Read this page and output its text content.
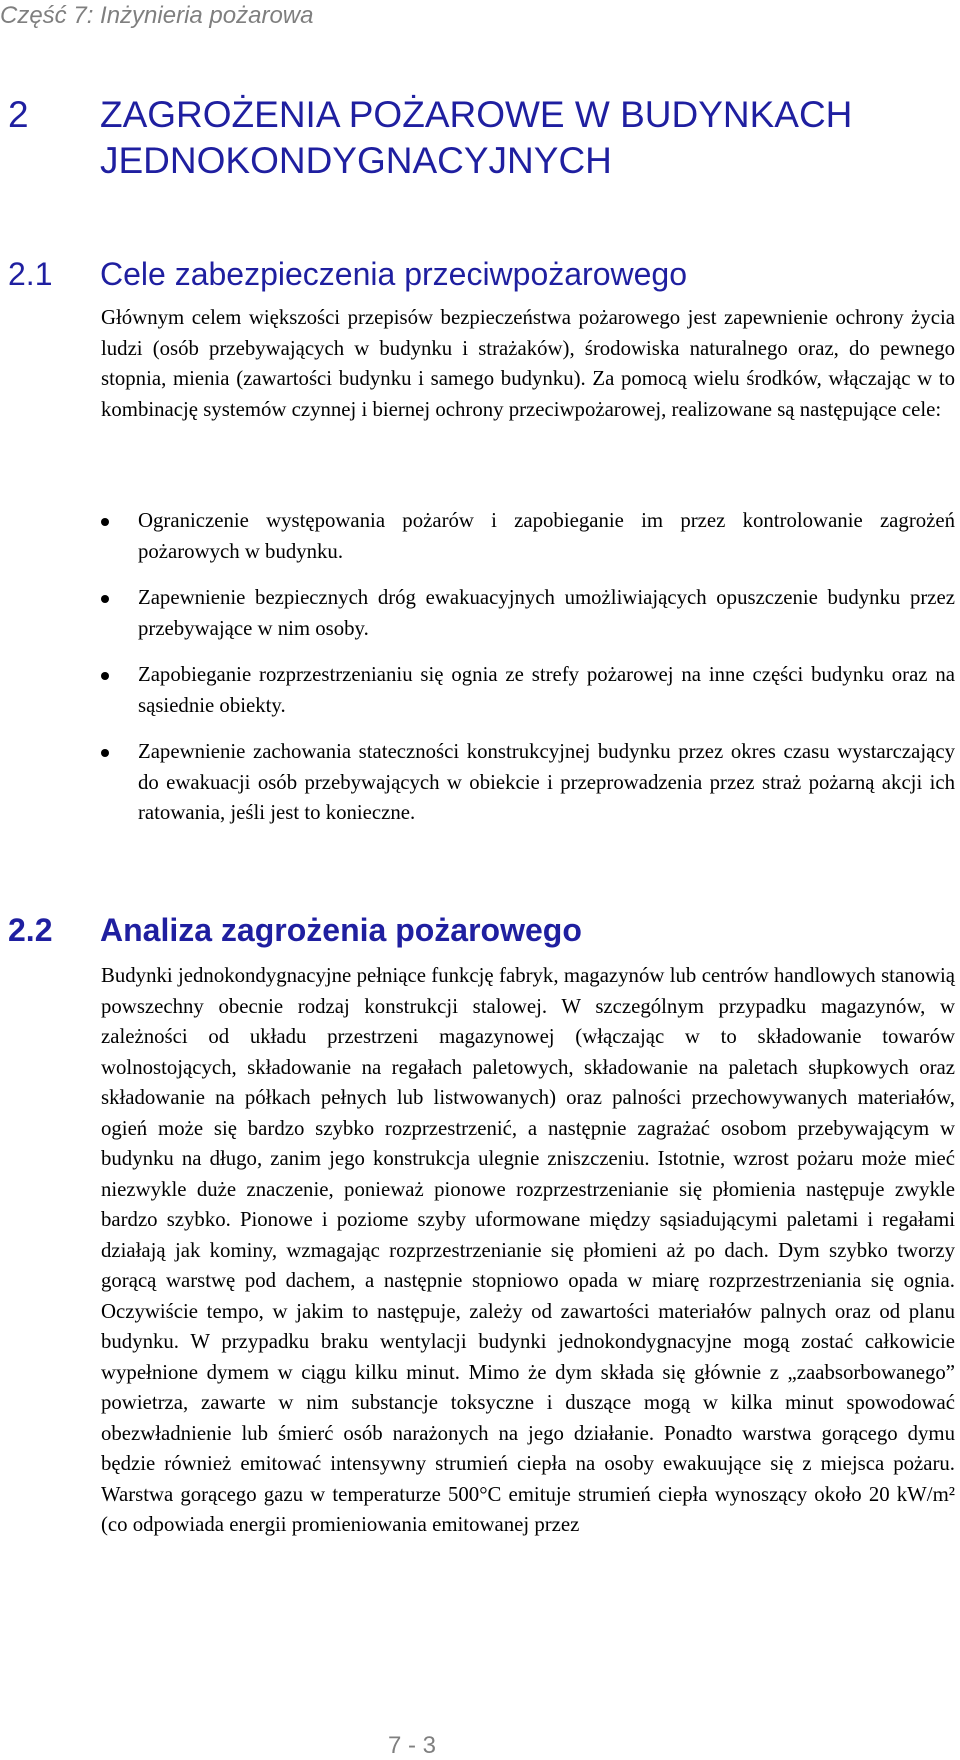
Część 7: Inżynieria pożarowa
2	ZAGROŻENIA POŻAROWE W BUDYNKACH
JEDNOKONDYGNACYJNYCH
2.1	Cele zabezpieczenia przeciwpożarowego

Głównym celem większości przepisów bezpieczeństwa pożarowego jest zapewnienie ochrony życia ludzi (osób przebywających w budynku i strażaków), środowiska naturalnego oraz, do pewnego stopnia, mienia (zawartości budynku i samego budynku). Za pomocą wielu środków, włączając w to kombinację systemów czynnej i biernej ochrony przeciwpożarowej, realizowane są następujące cele:

Ograniczenie występowania pożarów i zapobieganie im przez kontrolowanie zagrożeń pożarowych w budynku.
Zapewnienie bezpiecznych dróg ewakuacyjnych umożliwiających opuszczenie budynku przez przebywające w nim osoby.
Zapobieganie rozprzestrzenianiu się ognia ze strefy pożarowej na inne części budynku oraz na sąsiednie obiekty.
Zapewnienie zachowania stateczności konstrukcyjnej budynku przez okres czasu wystarczający do ewakuacji osób przebywających w obiekcie i przeprowadzenia przez straż pożarną akcji ich ratowania, jeśli jest to konieczne.
2.2	Analiza zagrożenia pożarowego

Budynki jednokondygnacyjne pełniące funkcję fabryk, magazynów lub centrów handlowych stanowią powszechny obecnie rodzaj konstrukcji stalowej. W szczególnym przypadku magazynów, w zależności od układu przestrzeni magazynowej (włączając w to składowanie towarów wolnostojących, składowanie na regałach paletowych, składowanie na paletach słupkowych oraz składowanie na półkach pełnych lub listwowanych) oraz palności przechowywanych materiałów, ogień może się bardzo szybko rozprzestrzenić, a następnie zagrażać osobom przebywającym w budynku na długo, zanim jego konstrukcja ulegnie zniszczeniu. Istotnie, wzrost pożaru może mieć niezwykle duże znaczenie, ponieważ pionowe rozprzestrzenianie się płomienia następuje zwykle bardzo szybko. Pionowe i poziome szyby uformowane między sąsiadującymi paletami i regałami działają jak kominy, wzmagając rozprzestrzenianie się płomieni aż po dach. Dym szybko tworzy gorącą warstwę pod dachem, a następnie stopniowo opada w miarę rozprzestrzeniania się ognia. Oczywiście tempo, w jakim to następuje, zależy od zawartości materiałów palnych oraz od planu budynku. W przypadku braku wentylacji budynki jednokondygnacyjne mogą zostać całkowicie wypełnione dymem w ciągu kilku minut. Mimo że dym składa się głównie z „zaabsorbowanego” powietrza, zawarte w nim substancje toksyczne i duszące mogą w kilka minut spowodować obezwładnienie lub śmierć osób narażonych na jego działanie. Ponadto warstwa gorącego dymu będzie również emitować intensywny strumień ciepła na osoby ewakuujące się z miejsca pożaru. Warstwa gorącego gazu w temperaturze 500°C emituje strumień ciepła wynoszący około 20 kW/m² (co odpowiada energii promieniowania emitowanej przez

7 - 3
